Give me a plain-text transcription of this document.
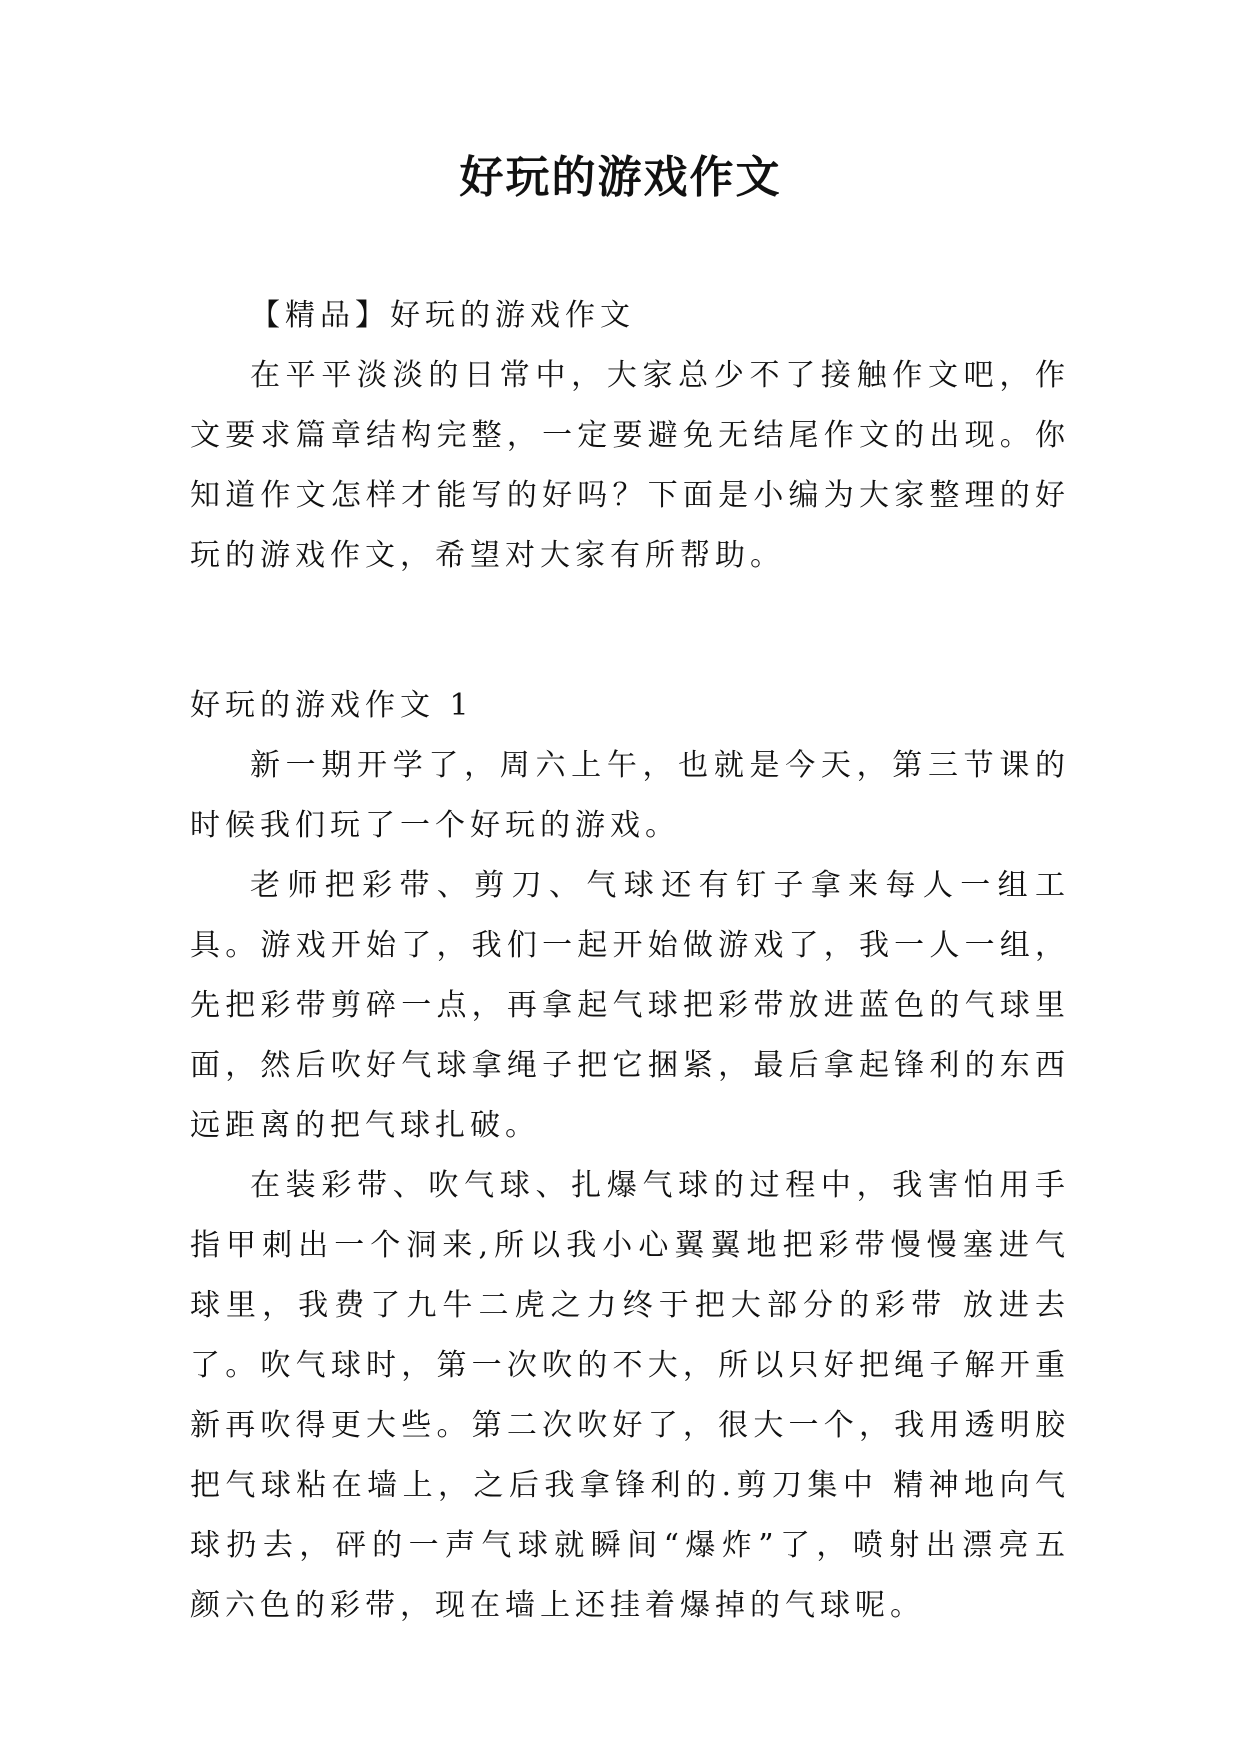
好玩的游戏作文

【精品】好玩的游戏作文

在平平淡淡的日常中，大家总少不了接触作文吧，作文要求篇章结构完整，一定要避免无结尾作文的出现。你知道作文怎样才能写的好吗？下面是小编为大家整理的好玩的游戏作文，希望对大家有所帮助。

好玩的游戏作文 1

新一期开学了，周六上午，也就是今天，第三节课的时候我们玩了一个好玩的游戏。

老师把彩带、剪刀、气球还有钉子拿来每人一组工具。游戏开始了，我们一起开始做游戏了，我一人一组，先把彩带剪碎一点，再拿起气球把彩带放进蓝色的气球里面，然后吹好气球拿绳子把它捆紧，最后拿起锋利的东西远距离的把气球扎破。

在装彩带、吹气球、扎爆气球的过程中，我害怕用手指甲刺出一个洞来,所以我小心翼翼地把彩带慢慢塞进气球里，我费了九牛二虎之力终于把大部分的彩带 放进去了。吹气球时，第一次吹的不大，所以只好把绳子解开重新再吹得更大些。第二次吹好了，很大一个，我用透明胶把气球粘在墙上，之后我拿锋利的.剪刀集中 精神地向气球扔去，砰的一声气球就瞬间“爆炸”了，喷射出漂亮五颜六色的彩带，现在墙上还挂着爆掉的气球呢。
